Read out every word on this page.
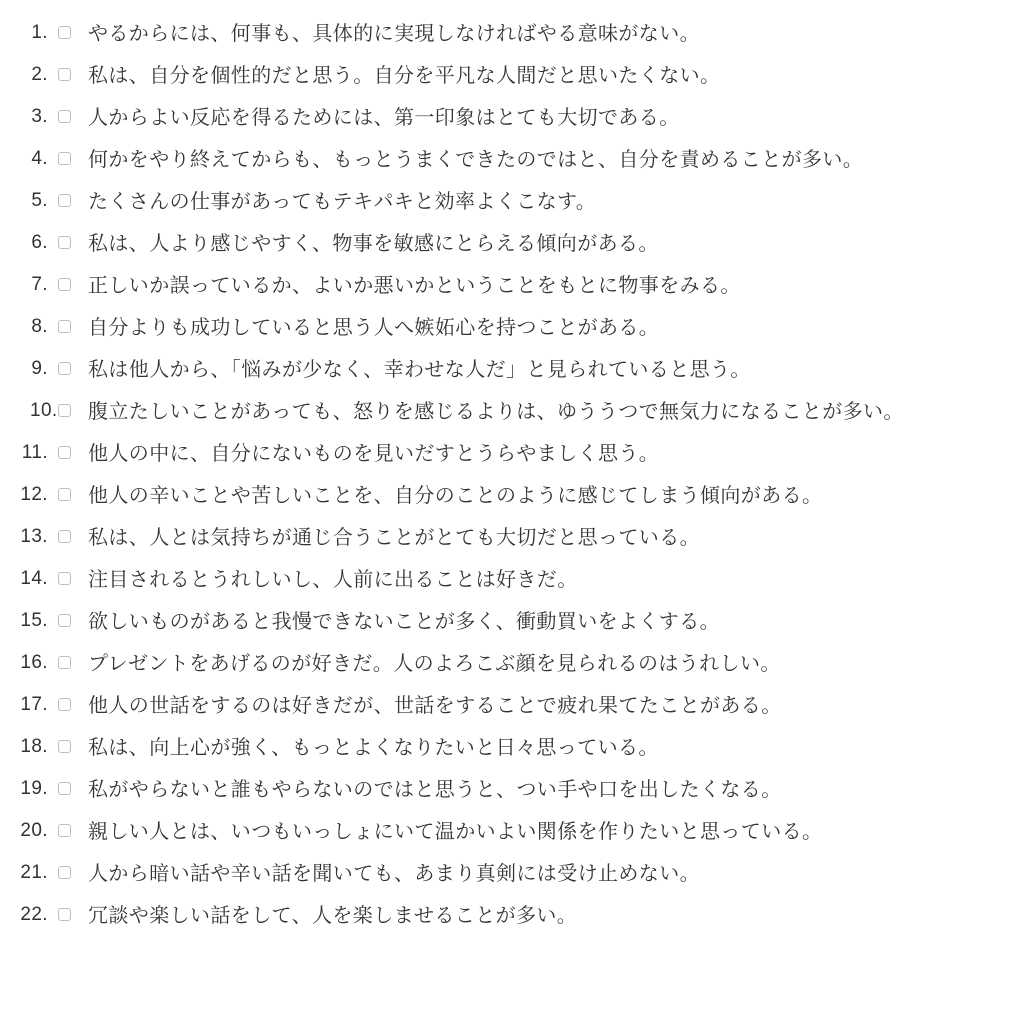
1. やるからには、何事も、具体的に実現しなければやる意味がない。
2. 私は、自分を個性的だと思う。自分を平凡な人間だと思いたくない。
3. 人からよい反応を得るためには、第一印象はとても大切である。
4.	何かをやり終えてからも、もっとうまくできたのではと、自分を責めることが多い。
5. たくさんの仕事があってもテキパキと効率よくこなす。
6. 私は、人より感じやすく、物事を敏感にとらえる傾向がある。
7. 正しいか誤っているか、よいか悪いかということをもとに物事をみる。
8. 自分よりも成功していると思う人へ嫉妬心を持つことがある。
9. 私は他人から、「悩みが少なく、幸わせな人だ」と見られていると思う。
10.	腹立たしいことがあっても、怒りを感じるよりは、ゆううつで無気力になることが多い。
11. 他人の中に、自分にないものを見いだすとうらやましく思う。
12. 他人の辛いことや苦しいことを、自分のことのように感じてしまう傾向がある。
13. 私は、人とは気持ちが通じ合うことがとても大切だと思っている。
14. 注目されるとうれしいし、人前に出ることは好きだ。
15. 欲しいものがあると我慢できないことが多く、衝動買いをよくする。
16. プレゼントをあげるのが好きだ。人のよろこぶ顔を見られるのはうれしい。
17. 他人の世話をするのは好きだが、世話をすることで疲れ果てたことがある。
18. 私は、向上心が強く、もっとよくなりたいと日々思っている。
19. 私がやらないと誰もやらないのではと思うと、つい手や口を出したくなる。
20. 親しい人とは、いつもいっしょにいて温かいよい関係を作りたいと思っている。
21. 人から暗い話や辛い話を聞いても、あまり真剣には受け止めない。
22. 冗談や楽しい話をして、人を楽しませることが多い。
